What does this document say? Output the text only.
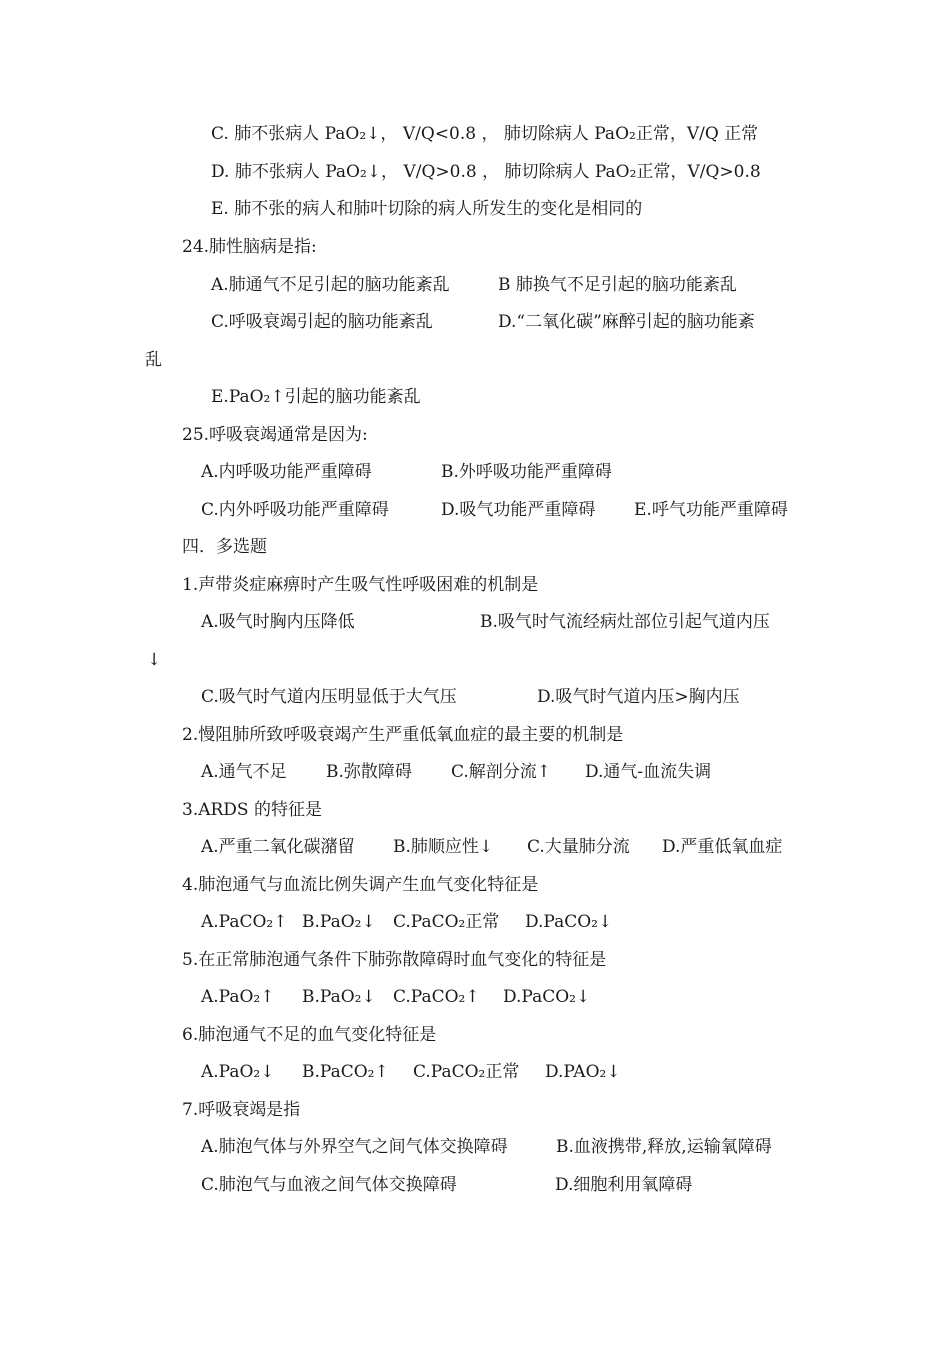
C. 肺不张病人 PaO₂↓， V/Q<0.8 ， 肺切除病人 PaO₂正常，V/Q 正常
D. 肺不张病人 PaO₂↓， V/Q>0.8 ， 肺切除病人 PaO₂正常，V/Q>0.8
E. 肺不张的病人和肺叶切除的病人所发生的变化是相同的
24.肺性脑病是指:
A.肺通气不足引起的脑功能紊乱	B 肺换气不足引起的脑功能紊乱
C.呼吸衰竭引起的脑功能紊乱	D.“二氧化碳”麻醉引起的脑功能紊
乱
E.PaO₂↑引起的脑功能紊乱
25.呼吸衰竭通常是因为:
A.内呼吸功能严重障碍	B.外呼吸功能严重障碍
C.内外呼吸功能严重障碍	D.吸气功能严重障碍 E.呼气功能严重障碍
四．多选题
1.声带炎症麻痹时产生吸气性呼吸困难的机制是
A.吸气时胸内压降低	B.吸气时气流经病灶部位引起气道内压
↓
C.吸气时气道内压明显低于大气压	D.吸气时气道内压>胸内压
2.慢阻肺所致呼吸衰竭产生严重低氧血症的最主要的机制是
A.通气不足 B.弥散障碍 C.解剖分流↑ D.通气-血流失调
3.ARDS 的特征是
A.严重二氧化碳潴留 B.肺顺应性↓ C.大量肺分流 D.严重低氧血症
4.肺泡通气与血流比例失调产生血气变化特征是
A.PaCO₂↑ B.PaO₂↓ C.PaCO₂正常 D.PaCO₂↓
5.在正常肺泡通气条件下肺弥散障碍时血气变化的特征是
A.PaO₂↑ B.PaO₂↓ C.PaCO₂↑ D.PaCO₂↓
6.肺泡通气不足的血气变化特征是
A.PaO₂↓ B.PaCO₂↑ C.PaCO₂正常 D.PAO₂↓
7.呼吸衰竭是指
A.肺泡气体与外界空气之间气体交换障碍	B.血液携带,释放,运输氧障碍
C.肺泡气与血液之间气体交换障碍	D.细胞利用氧障碍
